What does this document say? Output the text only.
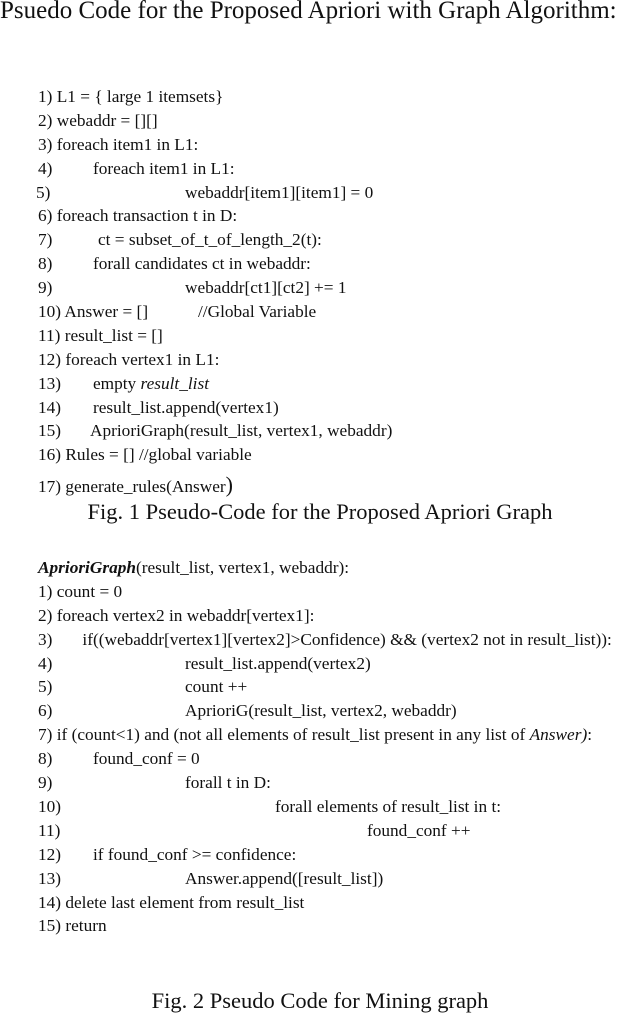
Psuedo Code for the Proposed Apriori with Graph Algorithm:

1) L1 = { large 1 itemsets}
2) webaddr = [][]
3) foreach item1 in L1:
4) foreach item1 in L1:
5)	webaddr[item1][item1] = 0
6) foreach transaction t in D:
7)	ct = subset_of_t_of_length_2(t):
8) forall candidates ct in webaddr:
9)	webaddr[ct1][ct2] += 1
10) Answer = []	//Global Variable
11) result_list = []
12) foreach vertex1 in L1:
13) empty result_list
14) result_list.append(vertex1)
15) AprioriGraph(result_list, vertex1, webaddr)
16) Rules = [] //global variable
17) generate_rules(Answer)
Fig. 1 Pseudo-Code for the Proposed Apriori Graph
AprioriGraph(result_list, vertex1, webaddr):
1) count = 0
2) foreach vertex2 in webaddr[vertex1]:

3) if((webaddr[vertex1][vertex2]>Confidence) && (vertex2 not in result_list)):

4)	result_list.append(vertex2)
5)	count ++
6)	AprioriG(result_list, vertex2, webaddr)

7) if (count<1) and (not all elements of result_list present in any list of Answer):

8) found_conf = 0
9)	forall t in D:
10)	forall elements of result_list in t:
11)	found_conf ++
12) if found_conf >= confidence:
13)	Answer.append([result_list])
14) delete last element from result_list
15) return
Fig. 2 Pseudo Code for Mining graph
